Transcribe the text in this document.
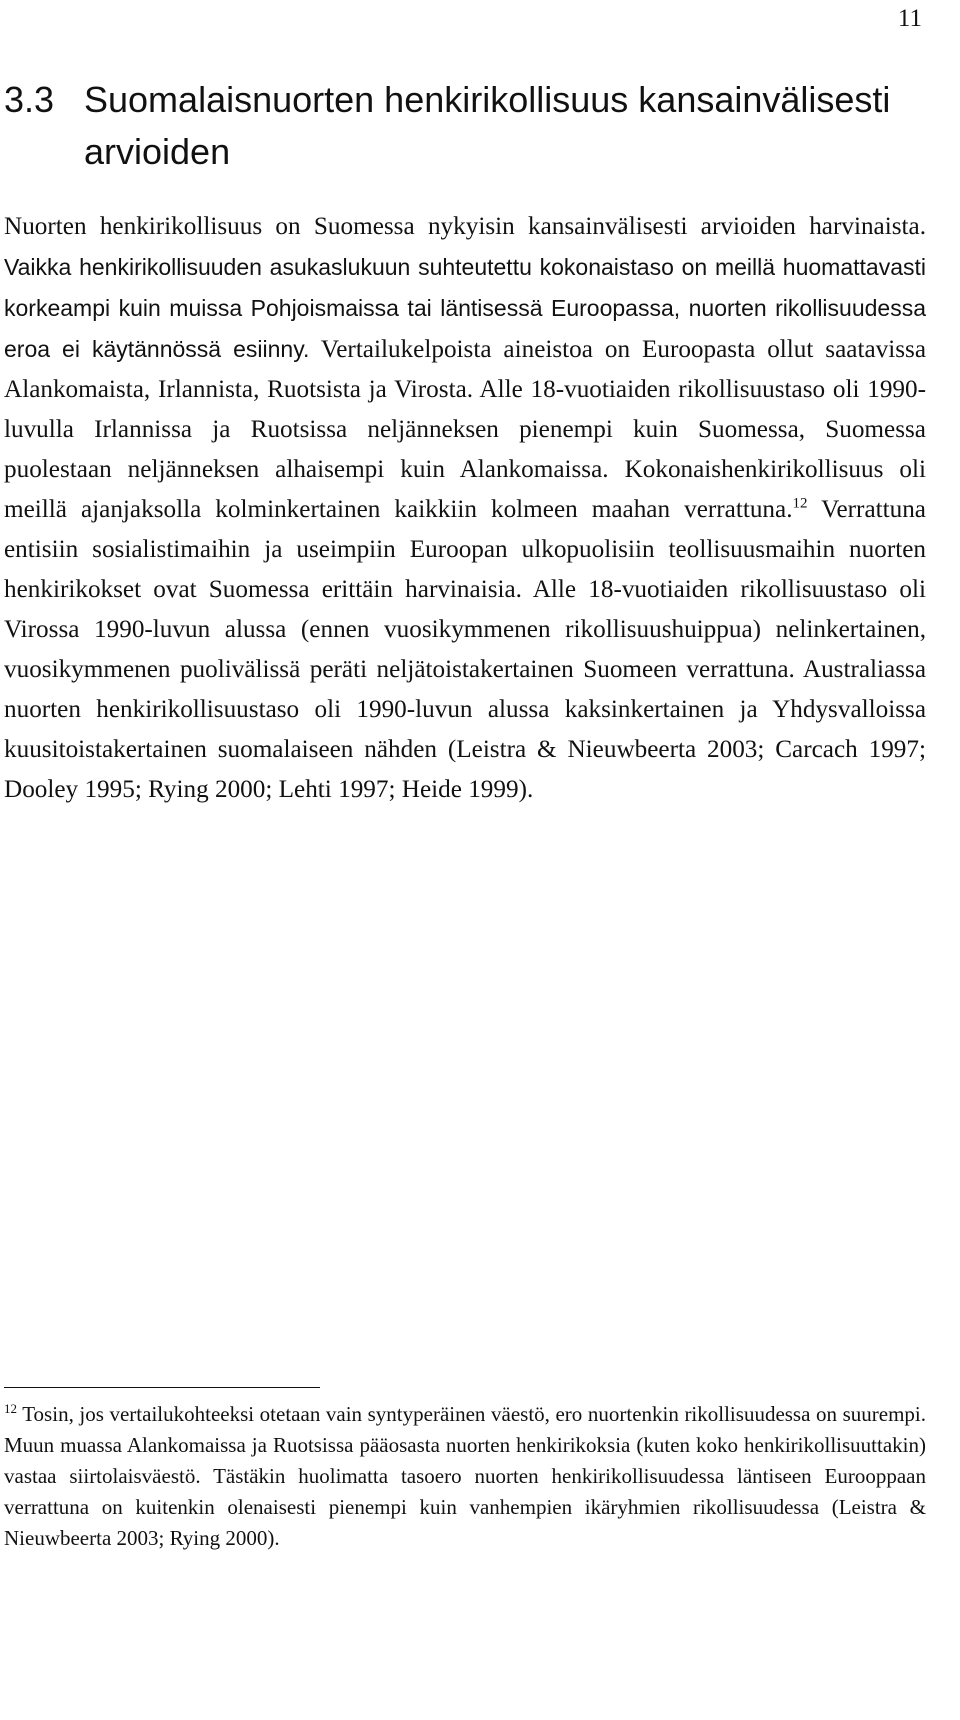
11
3.3 Suomalaisnuorten henkirikollisuus kansainvälisesti arvioiden

Nuorten henkirikollisuus on Suomessa nykyisin kansainvälisesti arvioiden harvinaista. Vaikka henkirikollisuuden asukaslukuun suhteutettu kokonaistaso on meillä huomattavasti korkeampi kuin muissa Pohjoismaissa tai läntisessä Euroopassa, nuorten rikollisuudessa eroa ei käytännössä esiinny. Vertailukelpoista aineistoa on Euroopasta ollut saatavissa Alankomaista, Irlannista, Ruotsista ja Virosta. Alle 18-vuotiaiden rikollisuustaso oli 1990-luvulla Irlannissa ja Ruotsissa neljänneksen pienempi kuin Suomessa, Suomessa puolestaan neljänneksen alhaisempi kuin Alankomaissa. Kokonaishenkirikollisuus oli meillä ajanjaksolla kolminkertainen kaikkiin kolmeen maahan verrattuna.$^{12}$ Verrattuna entisiin sosialistimaihin ja useimpiin Euroopan ulkopuolisiin teollisuusmaihin nuorten henkirikokset ovat Suomessa erittäin harvinaisia. Alle 18-vuotiaiden rikollisuustaso oli Virossa 1990-luvun alussa (ennen vuosikymmenen rikollisuushuippua) nelinkertainen, vuosikymmenen puolivälissä peräti neljätoistakertainen Suomeen verrattuna. Australiassa nuorten henkirikollisuustaso oli 1990-luvun alussa kaksinkertainen ja Yhdysvalloissa kuusitoistakertainen suomalaiseen nähden (Leistra & Nieuwbeerta 2003; Carcach 1997; Dooley 1995; Rying 2000; Lehti 1997; Heide 1999).

$^{12}$ Tosin, jos vertailukohteeksi otetaan vain syntyperäinen väestö, ero nuortenkin rikollisuudessa on suurempi. Muun muassa Alankomaissa ja Ruotsissa pääosasta nuorten henkirikoksia (kuten koko henkirikollisuuttakin) vastaa siirtolaisväestö. Tästäkin huolimatta tasoero nuorten henkirikollisuudessa läntiseen Eurooppaan verrattuna on kuitenkin olenaisesti pienempi kuin vanhempien ikäryhmien rikollisuudessa (Leistra & Nieuwbeerta 2003; Rying 2000).
